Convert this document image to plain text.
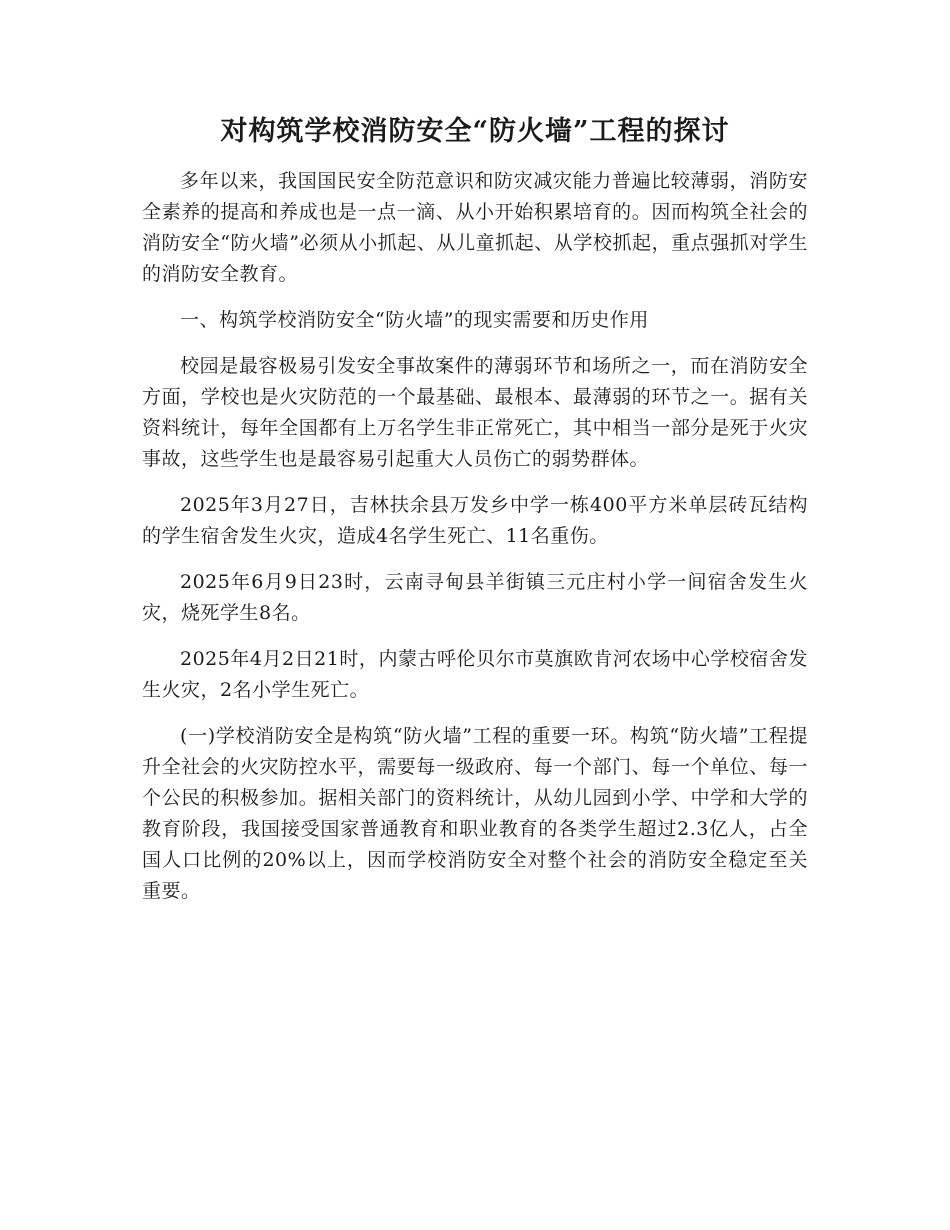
对构筑学校消防安全“防火墙”工程的探讨

多年以来，我国国民安全防范意识和防灾减灾能力普遍比较薄弱，消防安全素养的提高和养成也是一点一滴、从小开始积累培育的。因而构筑全社会的消防安全“防火墙”必须从小抓起、从儿童抓起、从学校抓起，重点强抓对学生的消防安全教育。

一、构筑学校消防安全“防火墙”的现实需要和历史作用

校园是最容极易引发安全事故案件的薄弱环节和场所之一，而在消防安全方面，学校也是火灾防范的一个最基础、最根本、最薄弱的环节之一。据有关资料统计，每年全国都有上万名学生非正常死亡，其中相当一部分是死于火灾事故，这些学生也是最容易引起重大人员伤亡的弱势群体。

2025年3月27日，吉林扶余县万发乡中学一栋400平方米单层砖瓦结构的学生宿舍发生火灾，造成4名学生死亡、11名重伤。

2025年6月9日23时，云南寻甸县羊街镇三元庄村小学一间宿舍发生火灾，烧死学生8名。

2025年4月2日21时，内蒙古呼伦贝尔市莫旗欧肯河农场中心学校宿舍发生火灾，2名小学生死亡。

(一)学校消防安全是构筑“防火墙”工程的重要一环。构筑“防火墙”工程提升全社会的火灾防控水平，需要每一级政府、每一个部门、每一个单位、每一个公民的积极参加。据相关部门的资料统计，从幼儿园到小学、中学和大学的教育阶段，我国接受国家普通教育和职业教育的各类学生超过2.3亿人，占全国人口比例的20%以上，因而学校消防安全对整个社会的消防安全稳定至关重要。
